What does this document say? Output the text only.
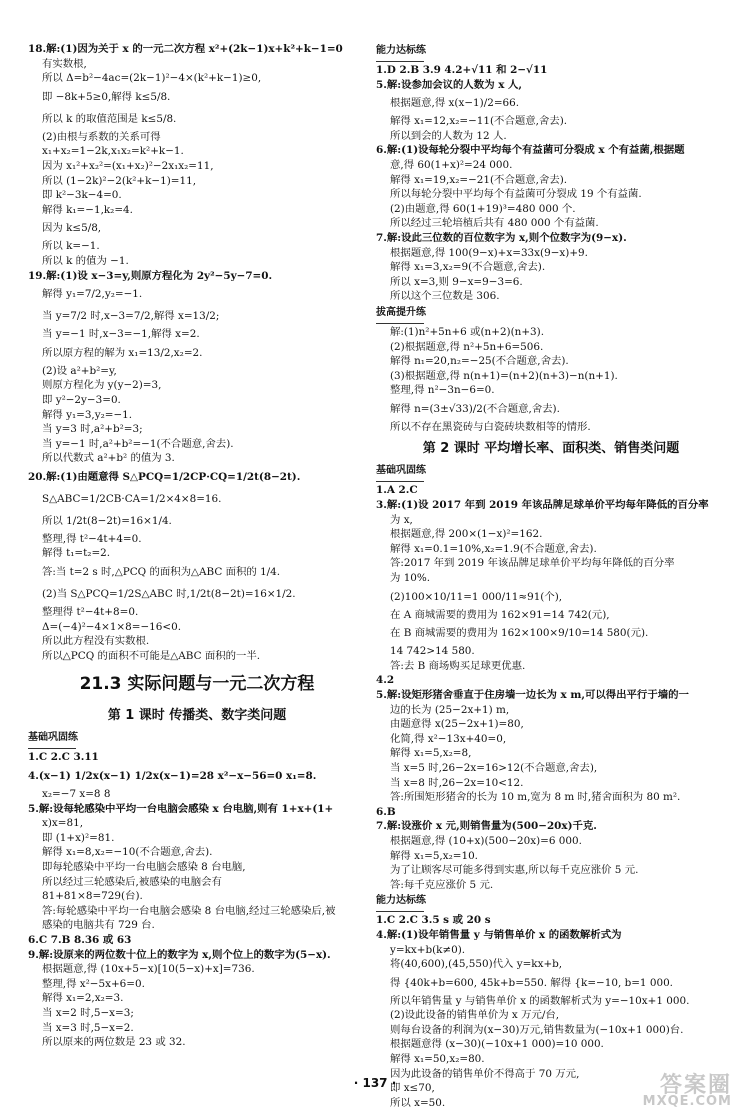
18.解:(1)因为关于 x 的一元二次方程 x²+(2k−1)x+k²+k−1=0
有实数根,
所以 Δ=b²−4ac=(2k−1)²−4×(k²+k−1)≥0,
即 −8k+5≥0,解得 k≤5/8.
所以 k 的取值范围是 k≤5/8.
(2)由根与系数的关系可得
x₁+x₂=1−2k,x₁x₂=k²+k−1.
因为 x₁²+x₂²=(x₁+x₂)²−2x₁x₂=11,
所以 (1−2k)²−2(k²+k−1)=11,
即 k²−3k−4=0.
解得 k₁=−1,k₂=4.
因为 k≤5/8,
所以 k=−1.
所以 k 的值为 −1.
19.解:(1)设 x−3=y,则原方程化为 2y²−5y−7=0.
解得 y₁=7/2,y₂=−1.
当 y=7/2 时,x−3=7/2,解得 x=13/2;
当 y=−1 时,x−3=−1,解得 x=2.
所以原方程的解为 x₁=13/2,x₂=2.
(2)设 a²+b²=y,
则原方程化为 y(y−2)=3,
即 y²−2y−3=0.
解得 y₁=3,y₂=−1.
当 y=3 时,a²+b²=3;
当 y=−1 时,a²+b²=−1(不合题意,舍去).
所以代数式 a²+b² 的值为 3.
20.解:(1)由题意得 S△PCQ=1/2CP·CQ=1/2t(8−2t).
S△ABC=1/2CB·CA=1/2×4×8=16.
所以 1/2t(8−2t)=16×1/4.
整理,得 t²−4t+4=0.
解得 t₁=t₂=2.
答:当 t=2 s 时,△PCQ 的面积为△ABC 面积的 1/4.
(2)当 S△PCQ=1/2S△ABC 时,1/2t(8−2t)=16×1/2.
整理得 t²−4t+8=0.
Δ=(−4)²−4×1×8=−16<0.
所以此方程没有实数根.
所以△PCQ 的面积不可能是△ABC 面积的一半.
21.3 实际问题与一元二次方程
第 1 课时 传播类、数字类问题
基础巩固练
1.C 2.C 3.11
4.(x−1) 1/2x(x−1) 1/2x(x−1)=28 x²−x−56=0 x₁=8.
x₂=−7 x=8 8
5.解:设每轮感染中平均一台电脑会感染 x 台电脑,则有 1+x+(1+
x)x=81,
即 (1+x)²=81.
解得 x₁=8,x₂=−10(不合题意,舍去).
即每轮感染中平均一台电脑会感染 8 台电脑,
所以经过三轮感染后,被感染的电脑会有
81+81×8=729(台).
答:每轮感染中平均一台电脑会感染 8 台电脑,经过三轮感染后,被
感染的电脑共有 729 台.
6.C 7.B 8.36 或 63
9.解:设原来的两位数十位上的数字为 x,则个位上的数字为(5−x).
根据题意,得 (10x+5−x)[10(5−x)+x]=736.
整理,得 x²−5x+6=0.
解得 x₁=2,x₂=3.
当 x=2 时,5−x=3;
当 x=3 时,5−x=2.
所以原来的两位数是 23 或 32.
能力达标练
1.D 2.B 3.9 4.2+√11 和 2−√11
5.解:设参加会议的人数为 x 人,
根据题意,得 x(x−1)/2=66.
解得 x₁=12,x₂=−11(不合题意,舍去).
所以到会的人数为 12 人.
6.解:(1)设每轮分裂中平均每个有益菌可分裂成 x 个有益菌,根据题
意,得 60(1+x)²=24 000.
解得 x₁=19,x₂=−21(不合题意,舍去).
所以每轮分裂中平均每个有益菌可分裂成 19 个有益菌.
(2)由题意,得 60(1+19)³=480 000 个.
所以经过三轮培植后共有 480 000 个有益菌.
7.解:设此三位数的百位数字为 x,则个位数字为(9−x).
根据题意,得 100(9−x)+x=33x(9−x)+9.
解得 x₁=3,x₂=9(不合题意,舍去).
所以 x=3,则 9−x=9−3=6.
所以这个三位数是 306.
拔高提升练
解:(1)n²+5n+6 或(n+2)(n+3).
(2)根据题意,得 n²+5n+6=506.
解得 n₁=20,n₂=−25(不合题意,舍去).
(3)根据题意,得 n(n+1)=(n+2)(n+3)−n(n+1).
整理,得 n²−3n−6=0.
解得 n=(3±√33)/2(不合题意,舍去).
所以不存在黑瓷砖与白瓷砖块数相等的情形.
第 2 课时 平均增长率、面积类、销售类问题
基础巩固练
1.A 2.C
3.解:(1)设 2017 年到 2019 年该品牌足球单价平均每年降低的百分率
为 x,
根据题意,得 200×(1−x)²=162.
解得 x₁=0.1=10%,x₂=1.9(不合题意,舍去).
答:2017 年到 2019 年该品牌足球单价平均每年降低的百分率
为 10%.
(2)100×10/11=1 000/11≈91(个),
在 A 商城需要的费用为 162×91=14 742(元),
在 B 商城需要的费用为 162×100×9/10=14 580(元).
14 742>14 580.
答:去 B 商场购买足球更优惠.
4.2
5.解:设矩形猪舍垂直于住房墙一边长为 x m,可以得出平行于墙的一
边的长为 (25−2x+1) m,
由题意得 x(25−2x+1)=80,
化简,得 x²−13x+40=0,
解得 x₁=5,x₂=8,
当 x=5 时,26−2x=16>12(不合题意,舍去),
当 x=8 时,26−2x=10<12.
答:所围矩形猪舍的长为 10 m,宽为 8 m 时,猪舍面积为 80 m².
6.B
7.解:设涨价 x 元,则销售量为(500−20x)千克.
根据题意,得 (10+x)(500−20x)=6 000.
解得 x₁=5,x₂=10.
为了让顾客尽可能多得到实惠,所以每千克应涨价 5 元.
答:每千克应涨价 5 元.
能力达标练
1.C 2.C 3.5 s 或 20 s
4.解:(1)设年销售量 y 与销售单价 x 的函数解析式为
y=kx+b(k≠0).
将(40,600),(45,550)代入 y=kx+b,
得 {40k+b=600, 45k+b=550. 解得 {k=−10, b=1 000.
所以年销售量 y 与销售单价 x 的函数解析式为 y=−10x+1 000.
(2)设此设备的销售单价为 x 万元/台,
则每台设备的利润为(x−30)万元,销售数量为(−10x+1 000)台.
根据题意得 (x−30)(−10x+1 000)=10 000.
解得 x₁=50,x₂=80.
因为此设备的销售单价不得高于 70 万元,
即 x≤70,
所以 x=50.
· 137 ·	答案圈
MXQE.COM
